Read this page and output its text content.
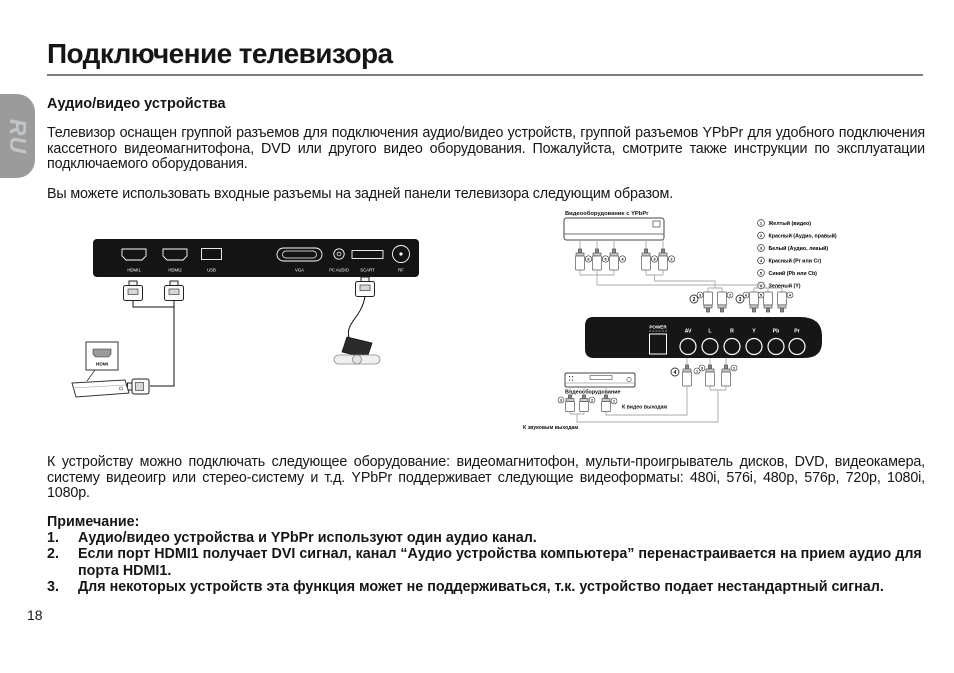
RU
Подключение телевизора
Аудио/видео устройства
Телевизор оснащен группой разъемов для подключения аудио/видео устройств, группой разъемов YPbPr для удобного подключения кассетного видеомагнитофона, DVD или другого видео оборудования. Пожалуйста, смотрите также инструкции по эксплуатации подключаемого оборудования.
Вы можете использовать входные разъемы на задней панели телевизора следующим образом.
HDMI1	HDMI2	USB	VGA	PC AUDIO	SCART	RF
HDMI
Видеооборудование с YPbPr
6	5	4	3	2
1 Желтый (видео)
2 Красный (Аудио, правый)
3 Белый (Аудио, левый)
4 Красный (Pr или Cr)
5 Синий (Pb или Cb)
6 Зеленый (Y)
2	3
3	2	6	5	4
POWER
AV	L	R	Y	Pb	Pr
4	1
3	2
Видеооборудование
3	2	1
К видео выходам
К звуковым выходам
К устройству можно подключать следующее оборудование: видеомагнитофон, мульти-проигрыватель дисков, DVD, видеокамера, систему видеоигр или стерео-систему и т.д. YPbPr поддерживает следующие видеоформаты: 480i, 576i, 480p, 576p, 720p, 1080i, 1080p.
Примечание:
1.	Аудио/видео устройства и YPbPr используют один аудио канал.
2.	Если порт HDMI1 получает DVI сигнал, канал “Аудио устройства компьютера” перенастраивается на прием аудио для порта HDMI1.
3.	Для некоторых устройств эта функция может не поддерживаться, т.к. устройство подает нестандартный сигнал.
18
